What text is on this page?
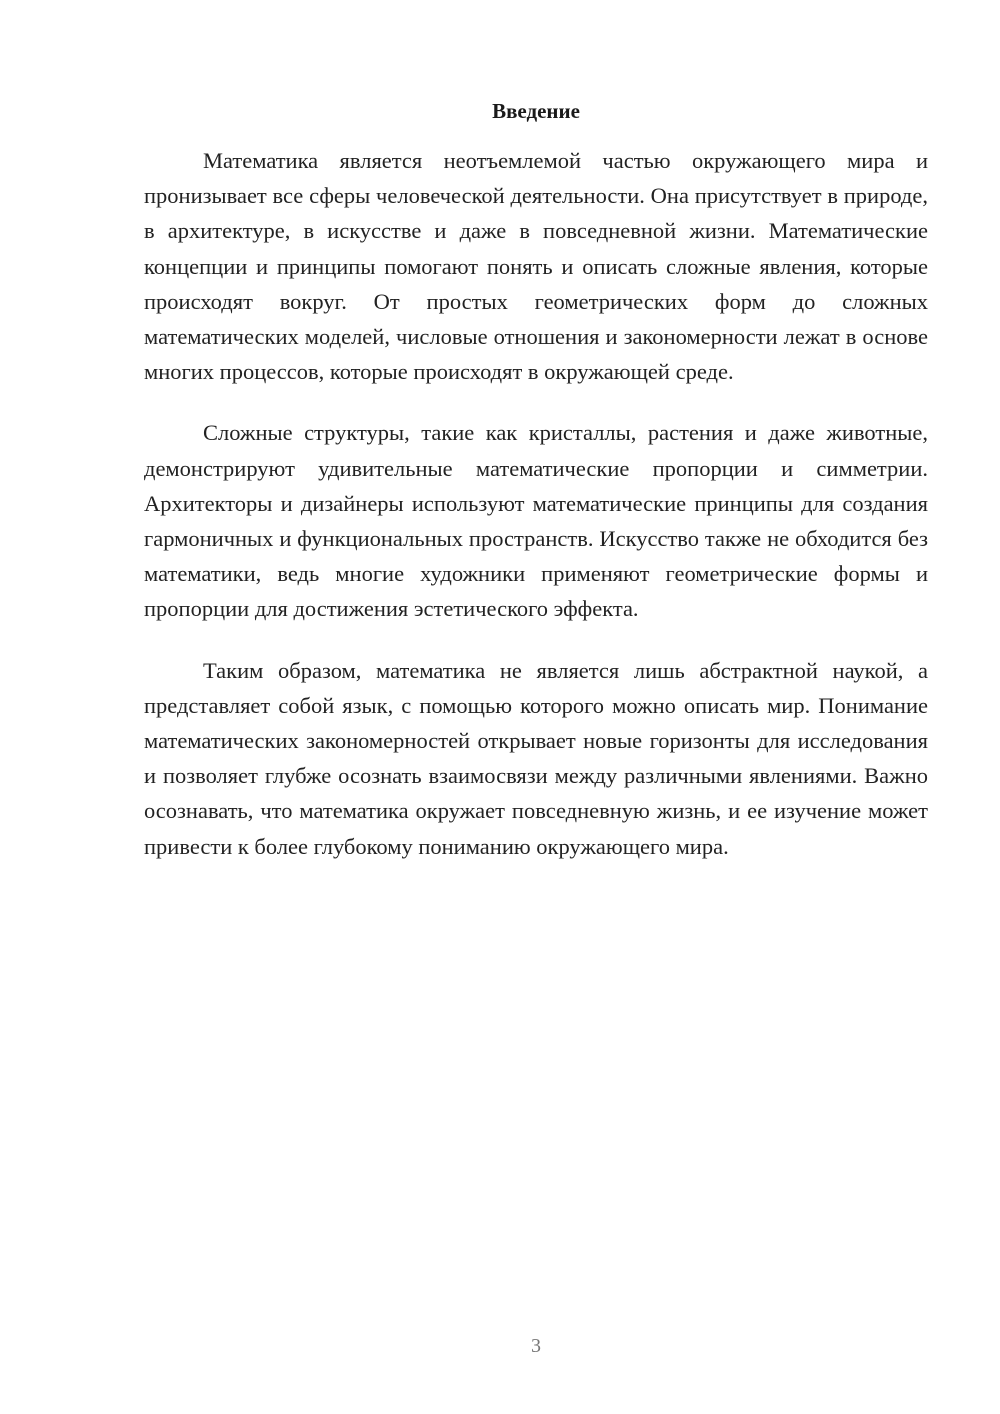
Введение

Математика является неотъемлемой частью окружающего мира и пронизывает все сферы человеческой деятельности. Она присутствует в природе, в архитектуре, в искусстве и даже в повседневной жизни. Математические концепции и принципы помогают понять и описать сложные явления, которые происходят вокруг. От простых геометрических форм до сложных математических моделей, числовые отношения и закономерности лежат в основе многих процессов, которые происходят в окружающей среде.

Сложные структуры, такие как кристаллы, растения и даже животные, демонстрируют удивительные математические пропорции и симметрии. Архитекторы и дизайнеры используют математические принципы для создания гармоничных и функциональных пространств. Искусство также не обходится без математики, ведь многие художники применяют геометрические формы и пропорции для достижения эстетического эффекта.

Таким образом, математика не является лишь абстрактной наукой, а представляет собой язык, с помощью которого можно описать мир. Понимание математических закономерностей открывает новые горизонты для исследования и позволяет глубже осознать взаимосвязи между различными явлениями. Важно осознавать, что математика окружает повседневную жизнь, и ее изучение может привести к более глубокому пониманию окружающего мира.

3
